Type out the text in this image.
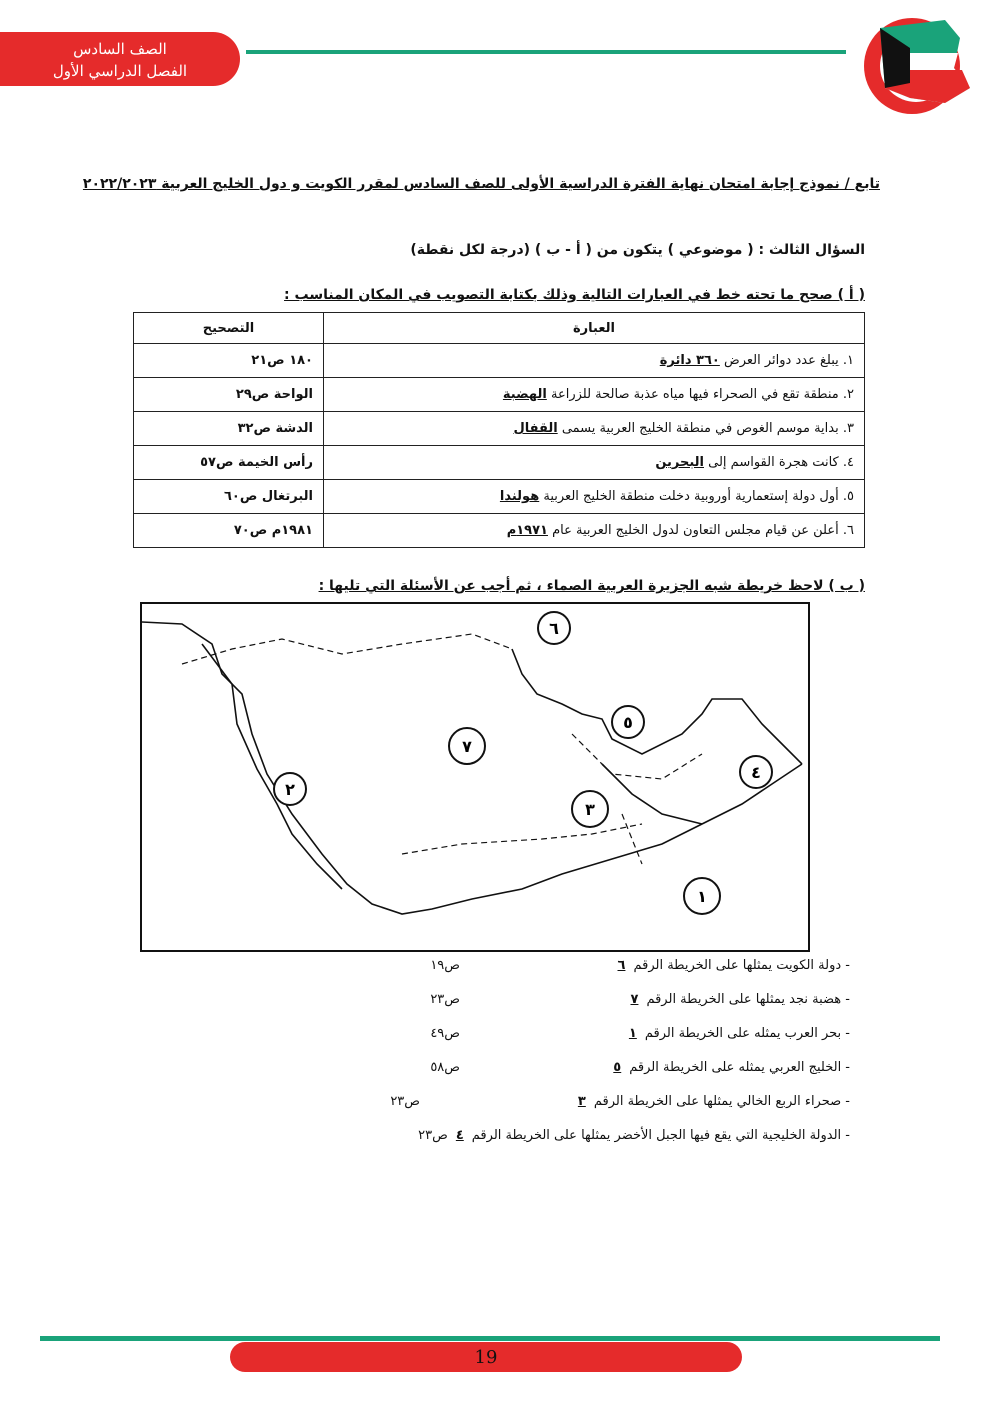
الصف السادس
الفصل الدراسي الأول
تابع / نموذج إجابة امتحان نهاية الفترة الدراسية الأولى للصف السادس لمقرر الكويت و دول الخليج العربية ٢٠٢٢/٢٠٢٣
السؤال الثالث : ( موضوعي ) يتكون من ( أ - ب ) (درجة لكل نقطة)
( أ ) صحح ما تحته خط في العبارات التالية وذلك بكتابة التصويب في المكان المناسب :
العبارة	التصحيح
١. يبلغ عدد دوائر العرض ٣٦٠ دائرة	١٨٠ ص٢١
٢. منطقة تقع في الصحراء فيها مياه عذبة صالحة للزراعة الهضبة	الواحة ص٢٩
٣. بداية موسم الغوص في منطقة الخليج العربية يسمى القفال	الدشة ص٣٢
٤. كانت هجرة القواسم إلى البحرين	رأس الخيمة ص٥٧
٥. أول دولة إستعمارية أوروبية دخلت منطقة الخليج العربية هولندا	البرتغال ص٦٠
٦. أعلن عن قيام مجلس التعاون لدول الخليج العربية عام ١٩٧١م	١٩٨١م ص٧٠
( ب ) لاحظ خريطة شبه الجزيرة العربية الصماء ، ثم أجب عن الأسئلة التي تليها :
٦
٥
٤
٧
٣
٢
١
- دولة الكويت يمثلها على الخريطة الرقم٦
ص١٩
- هضبة نجد يمثلها على الخريطة الرقم٧
ص٢٣
- بحر العرب يمثله على الخريطة الرقم١
ص٤٩
- الخليج العربي يمثله على الخريطة الرقم٥
ص٥٨
- صحراء الربع الخالي يمثلها على الخريطة الرقم٣
ص٢٣
- الدولة الخليجية التي يقع فيها الجبل الأخضر يمثلها على الخريطة الرقم٤ص٢٣
19
